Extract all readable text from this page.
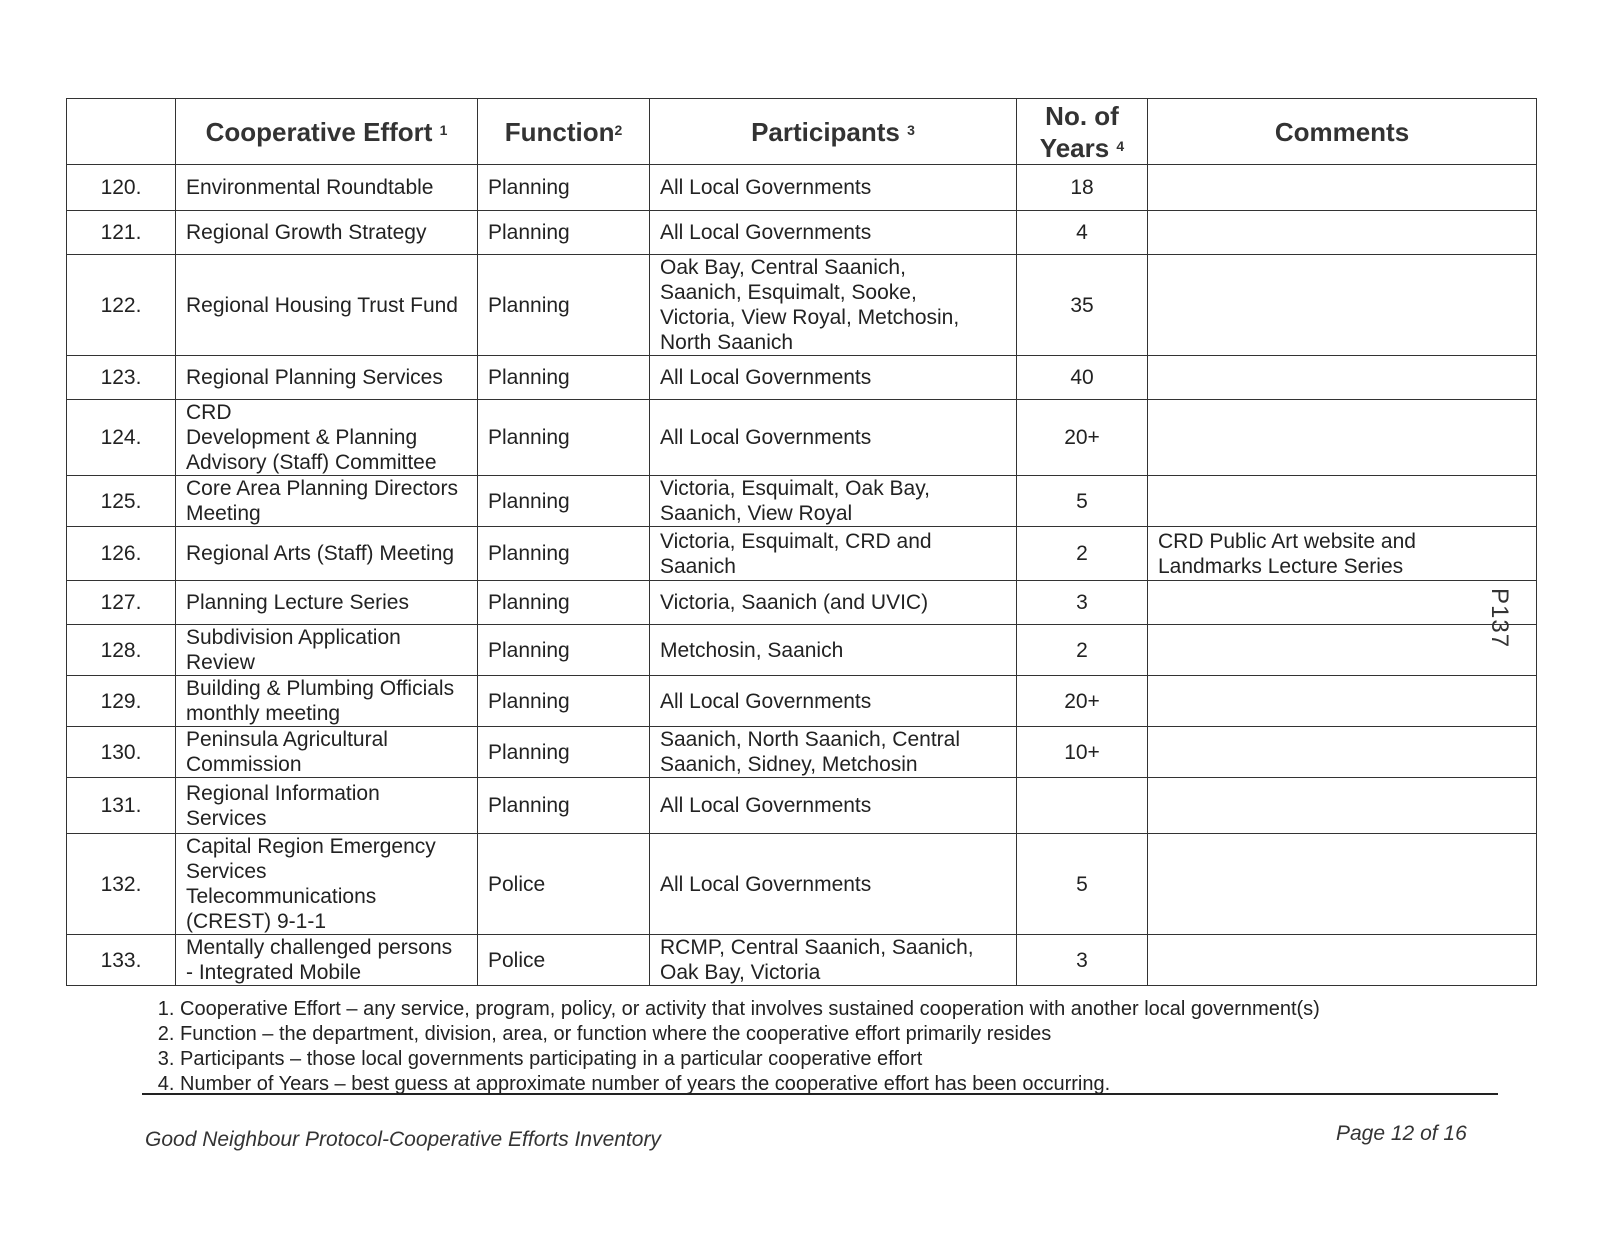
	Cooperative Effort $^1$	Function$^2$	Participants $^3$	No. of Years $^4$	Comments
120.	Environmental Roundtable	Planning	All Local Governments	18	
121.	Regional Growth Strategy	Planning	All Local Governments	4	
122.	Regional Housing Trust Fund	Planning	Oak Bay, Central Saanich,
Saanich, Esquimalt, Sooke,
Victoria, View Royal, Metchosin,
North Saanich	35	
123.	Regional Planning Services	Planning	All Local Governments	40	
124.	CRD
Development & Planning
Advisory (Staff) Committee	Planning	All Local Governments	20+	
125.	Core Area Planning Directors
Meeting	Planning	Victoria, Esquimalt, Oak Bay,
Saanich, View Royal	5	
126.	Regional Arts (Staff) Meeting	Planning	Victoria, Esquimalt, CRD and
Saanich	2	CRD Public Art website and
Landmarks Lecture Series
127.	Planning Lecture Series	Planning	Victoria, Saanich (and UVIC)	3	
128.	Subdivision Application
Review	Planning	Metchosin, Saanich	2	
129.	Building & Plumbing Officials
monthly meeting	Planning	All Local Governments	20+	
130.	Peninsula Agricultural
Commission	Planning	Saanich, North Saanich, Central
Saanich, Sidney, Metchosin	10+	
131.	Regional Information
Services	Planning	All Local Governments		
132.	Capital Region Emergency
Services
Telecommunications
(CREST) 9-1-1	Police	All Local Governments	5	
133.	Mentally challenged persons
- Integrated Mobile	Police	RCMP, Central Saanich, Saanich,
Oak Bay, Victoria	3	
P137
1. Cooperative Effort – any service, program, policy, or activity that involves sustained cooperation with another local government(s)
2. Function – the department, division, area, or function where the cooperative effort primarily resides
3. Participants – those local governments participating in a particular cooperative effort
4. Number of Years – best guess at approximate number of years the cooperative effort has been occurring.
Good Neighbour Protocol-Cooperative Efforts Inventory	Page 12 of 16
